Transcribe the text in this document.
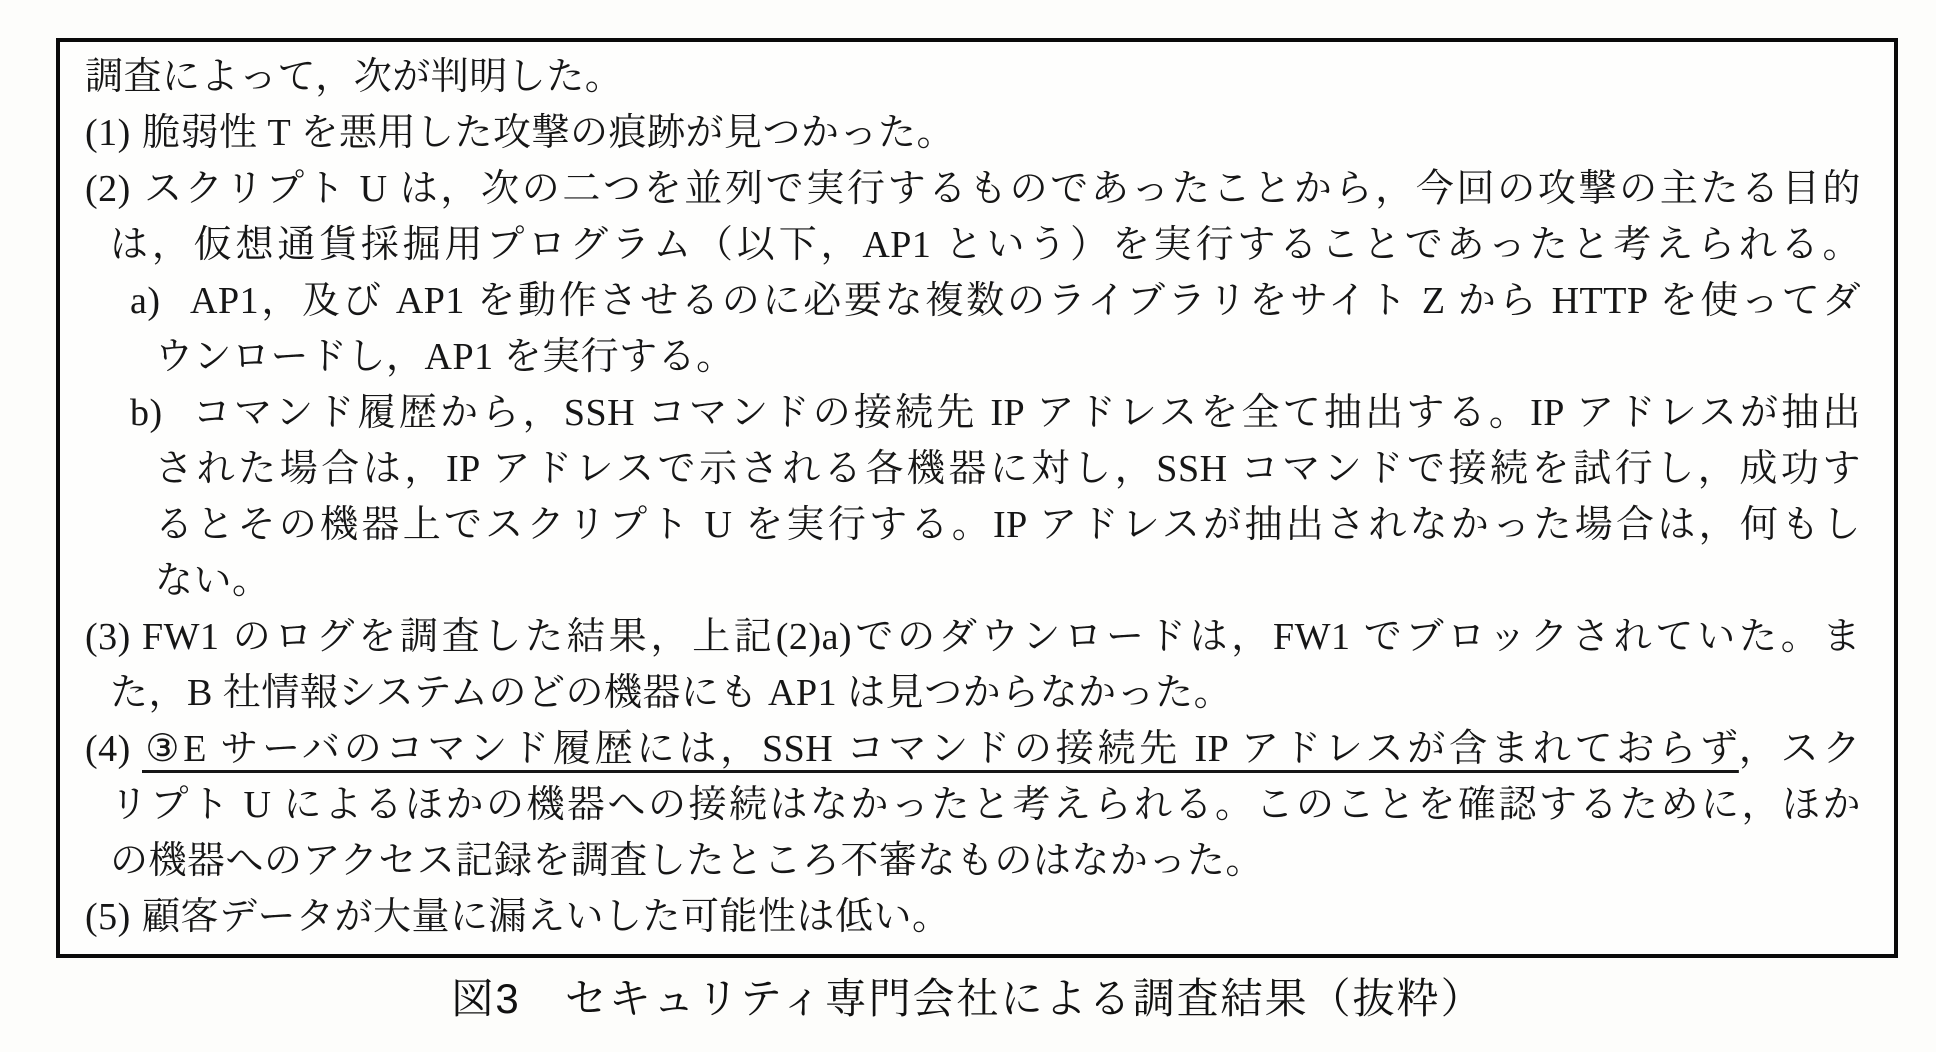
調査によって，次が判明した。
(1) 脆弱性 T を悪用した攻撃の痕跡が見つかった。
(2) スクリプト U は，次の二つを並列で実行するものであったことから，今回の攻撃の主たる目的
は，仮想通貨採掘用プログラム（以下，AP1 という）を実行することであったと考えられる。
a) AP1，及び AP1 を動作させるのに必要な複数のライブラリをサイト Z から HTTP を使ってダ
ウンロードし，AP1 を実行する。
b) コマンド履歴から，SSH コマンドの接続先 IP アドレスを全て抽出する。IP アドレスが抽出
された場合は，IP アドレスで示される各機器に対し，SSH コマンドで接続を試行し，成功す
るとその機器上でスクリプト U を実行する。IP アドレスが抽出されなかった場合は，何もし
ない。
(3) FW1 のログを調査した結果，上記(2)a)でのダウンロードは，FW1 でブロックされていた。ま
た，B 社情報システムのどの機器にも AP1 は見つからなかった。
(4) ③E サーバのコマンド履歴には，SSH コマンドの接続先 IP アドレスが含まれておらず，スク
リプト U によるほかの機器への接続はなかったと考えられる。このことを確認するために，ほか
の機器へのアクセス記録を調査したところ不審なものはなかった。
(5) 顧客データが大量に漏えいした可能性は低い。
図3　セキュリティ専門会社による調査結果（抜粋）
